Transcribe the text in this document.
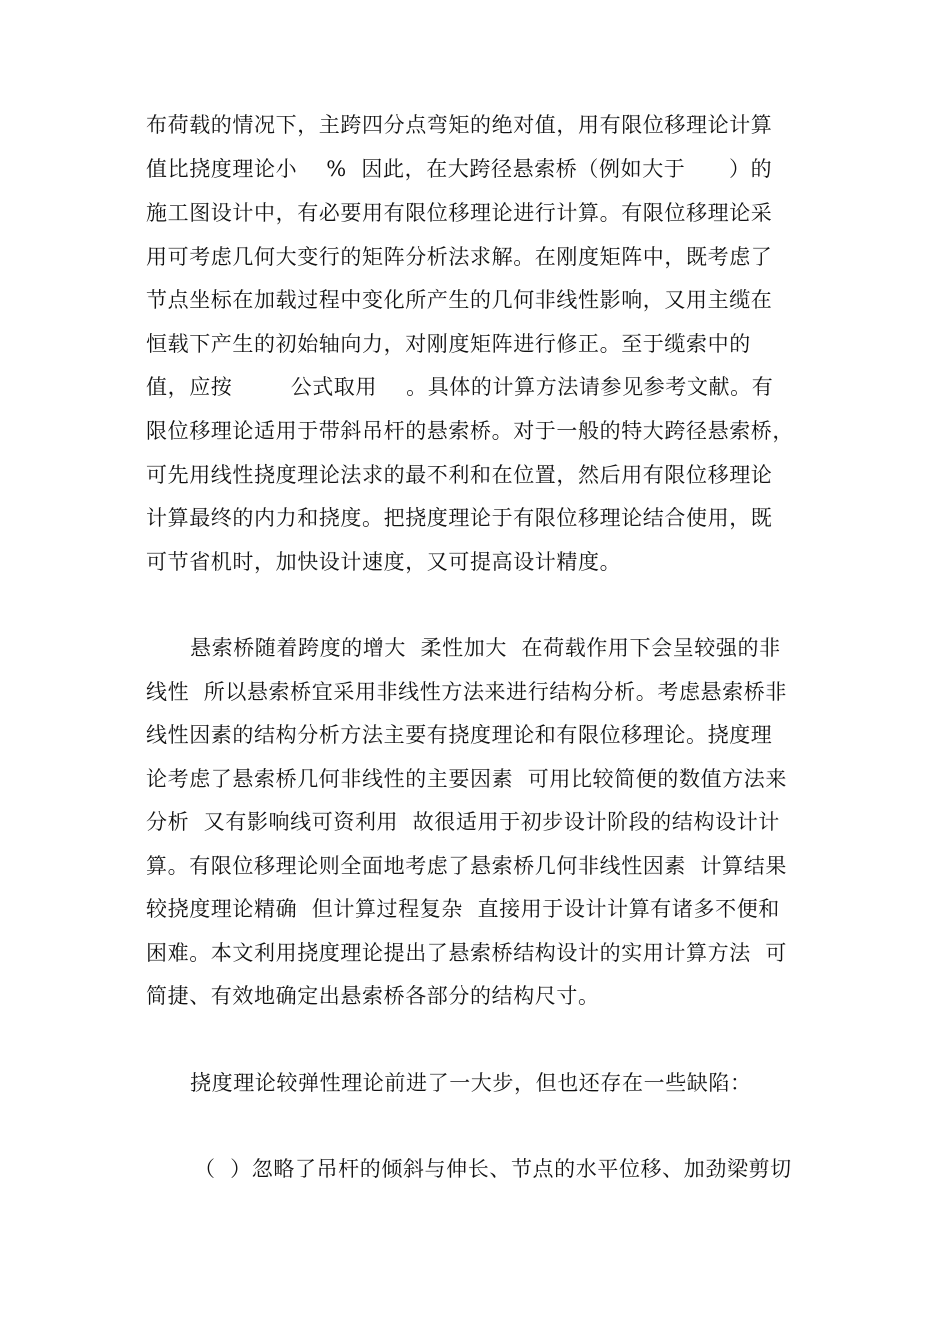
布荷载的情况下，主跨四分点弯矩的绝对值，用有限位移理论计算
值比挠度理论小    %  因此，在大跨径悬索桥（例如大于      ）的
施工图设计中，有必要用有限位移理论进行计算。有限位移理论采
用可考虑几何大变行的矩阵分析法求解。在刚度矩阵中，既考虑了
节点坐标在加载过程中变化所产生的几何非线性影响，又用主缆在
恒载下产生的初始轴向力，对刚度矩阵进行修正。至于缆索中的
值，应按        公式取用    。具体的计算方法请参见参考文献。有
限位移理论适用于带斜吊杆的悬索桥。对于一般的特大跨径悬索桥，
可先用线性挠度理论法求的最不利和在位置，然后用有限位移理论
计算最终的内力和挠度。把挠度理论于有限位移理论结合使用，既
可节省机时，加快设计速度，又可提高设计精度。
悬索桥随着跨度的增大  柔性加大  在荷载作用下会呈较强的非
线性  所以悬索桥宜采用非线性方法来进行结构分析。考虑悬索桥非
线性因素的结构分析方法主要有挠度理论和有限位移理论。挠度理
论考虑了悬索桥几何非线性的主要因素  可用比较简便的数值方法来
分析  又有影响线可资利用  故很适用于初步设计阶段的结构设计计
算。有限位移理论则全面地考虑了悬索桥几何非线性因素  计算结果
较挠度理论精确  但计算过程复杂  直接用于设计计算有诸多不便和
困难。本文利用挠度理论提出了悬索桥结构设计的实用计算方法  可
简捷、有效地确定出悬索桥各部分的结构尺寸。
挠度理论较弹性理论前进了一大步，但也还存在一些缺陷：
（  ）忽略了吊杆的倾斜与伸长、节点的水平位移、加劲梁剪切
